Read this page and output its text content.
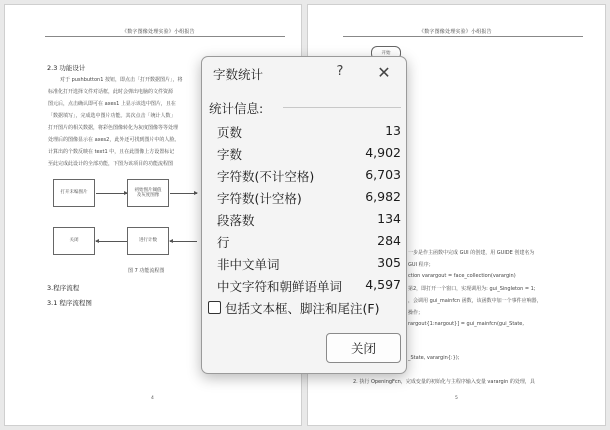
《数字图像处理实验》小组报告
2.3 功能设计
对于 pushbutton1 按钮，即点击「打开数据图片」，将
标准化打开选择文件对话框，此时会弹出电脑的文件资源
图元后，点击确认即可在 axes1 上显示该选中图片，且在
「数据填写」，完成选中图片功能。其次点击「统计人数」
打开图片的相关数据，将彩色图像转化为灰度图像等等处理
处理后的图像显示在 axes2，此外还可找到图片中的人脸。
计算出的个数反映在 text1 中，且在此图像上方设置标记
至此完成此设计的全部功能，下图为该项目的功能流程图
打开未编图片
初始图片阈值
及灰度图像
关闭	进行计数
图 7 功能流程图
3.程序流程
3.1 程序流程图
4
《数字图像处理实验》小组报告
开始
一步是作主函数中完成 GUI 的创建，用 GUIDE 创建名为
GUI 程序；
ction varargout = face_collection(varargin)
第2，即打开一个窗口，实现调用为: gui_Singleton = 1;
，会调用 gui_mainfcn 函数，该函数中加一个事件应响器，
操作；
rargout{1:nargout}] = gui_mainfcn(gui_State,
_State, varargin{:});
2. 执行 OpeningFcn，完成变量的初始化与主程序输入变量 varargin 的处理，具
5
字数统计	? ✕
统计信息:
页数	13
字数	4,902
字符数(不计空格)	6,703
字符数(计空格)	6,982
段落数	134
行	284
非中文单词	305
中文字符和朝鲜语单词 4,597
包括文本框、脚注和尾注(F)
关闭
